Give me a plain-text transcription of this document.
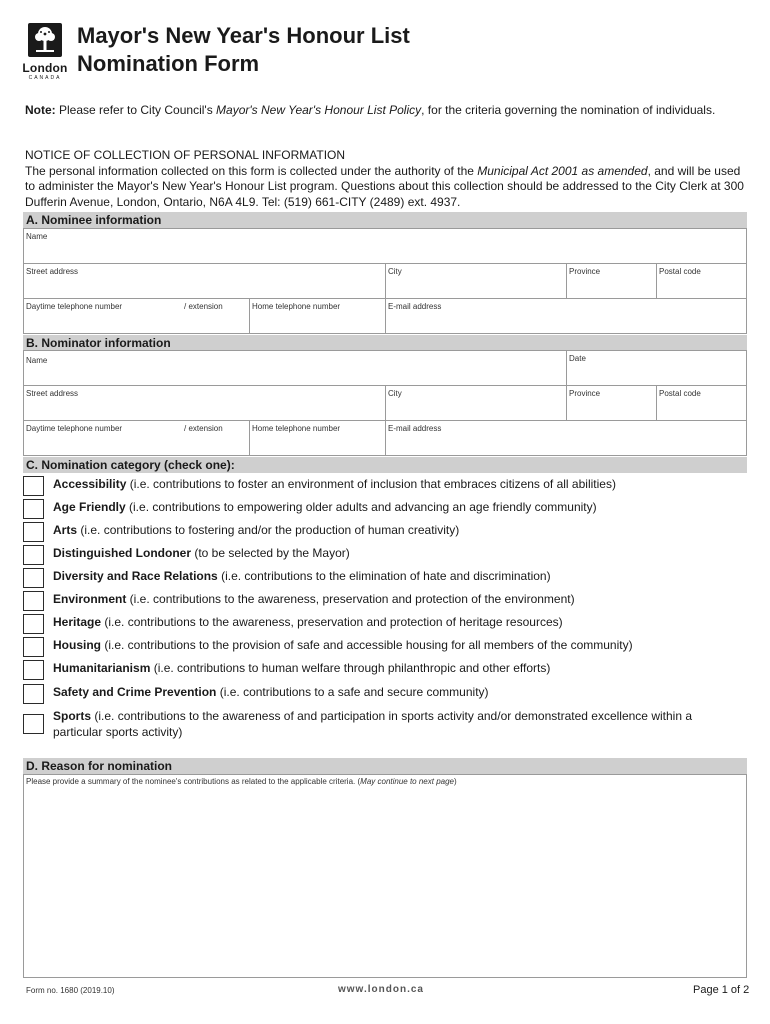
London
CANADA
Mayor's New Year's Honour List
Nomination Form
Note: Please refer to City Council's Mayor's New Year's Honour List Policy, for the criteria governing the nomination of individuals.
NOTICE OF COLLECTION OF PERSONAL INFORMATION
The personal information collected on this form is collected under the authority of the Municipal Act 2001 as amended, and will be used to administer the Mayor's New Year's Honour List program. Questions about this collection should be addressed to the City Clerk at 300 Dufferin Avenue, London, Ontario, N6A 4L9. Tel: (519) 661-CITY (2489) ext. 4937.
A. Nominee information
Name
Street address	City	Province	Postal code
Daytime telephone number	/ extension	Home telephone number	E-mail address
B. Nominator information
Name	Date
Street address	City	Province	Postal code
Daytime telephone number	/ extension	Home telephone number	E-mail address
C. Nomination category (check one):
Accessibility (i.e. contributions to foster an environment of inclusion that embraces citizens of all abilities)
Age Friendly (i.e. contributions to empowering older adults and advancing an age friendly community)
Arts (i.e. contributions to fostering and/or the production of human creativity)
Distinguished Londoner (to be selected by the Mayor)
Diversity and Race Relations (i.e. contributions to the elimination of hate and discrimination)
Environment (i.e. contributions to the awareness, preservation and protection of the environment)
Heritage (i.e. contributions to the awareness, preservation and protection of heritage resources)
Housing (i.e. contributions to the provision of safe and accessible housing for all members of the community)
Humanitarianism (i.e. contributions to human welfare through philanthropic and other efforts)
Safety and Crime Prevention (i.e. contributions to a safe and secure community)
Sports (i.e. contributions to the awareness of and participation in sports activity and/or demonstrated excellence within a particular sports activity)
D. Reason for nomination
Please provide a summary of the nominee's contributions as related to the applicable criteria. (May continue to next page)
Form no. 1680 (2019.10)	www.london.ca	Page 1 of 2
